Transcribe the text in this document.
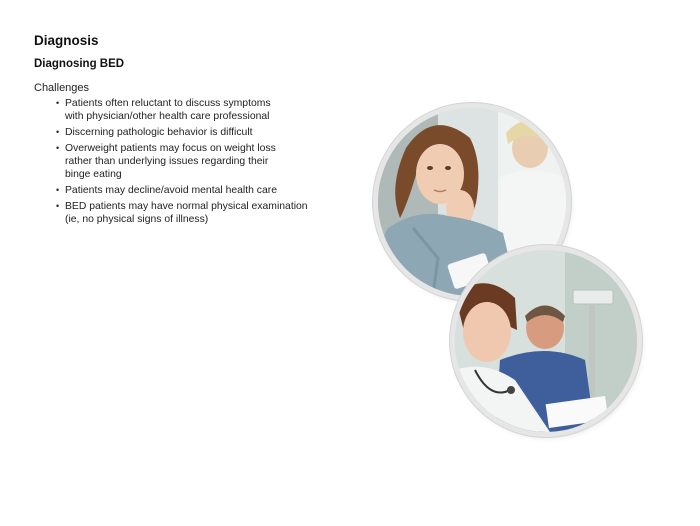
Diagnosis
Diagnosing BED
Challenges
• Patients often reluctant to discuss symptoms
with physician/other health care professional
• Discerning pathologic behavior is difficult
• Overweight patients may focus on weight loss
rather than underlying issues regarding their
binge eating
• Patients may decline/avoid mental health care
• BED patients may have normal physical examination
(ie, no physical signs of illness)
